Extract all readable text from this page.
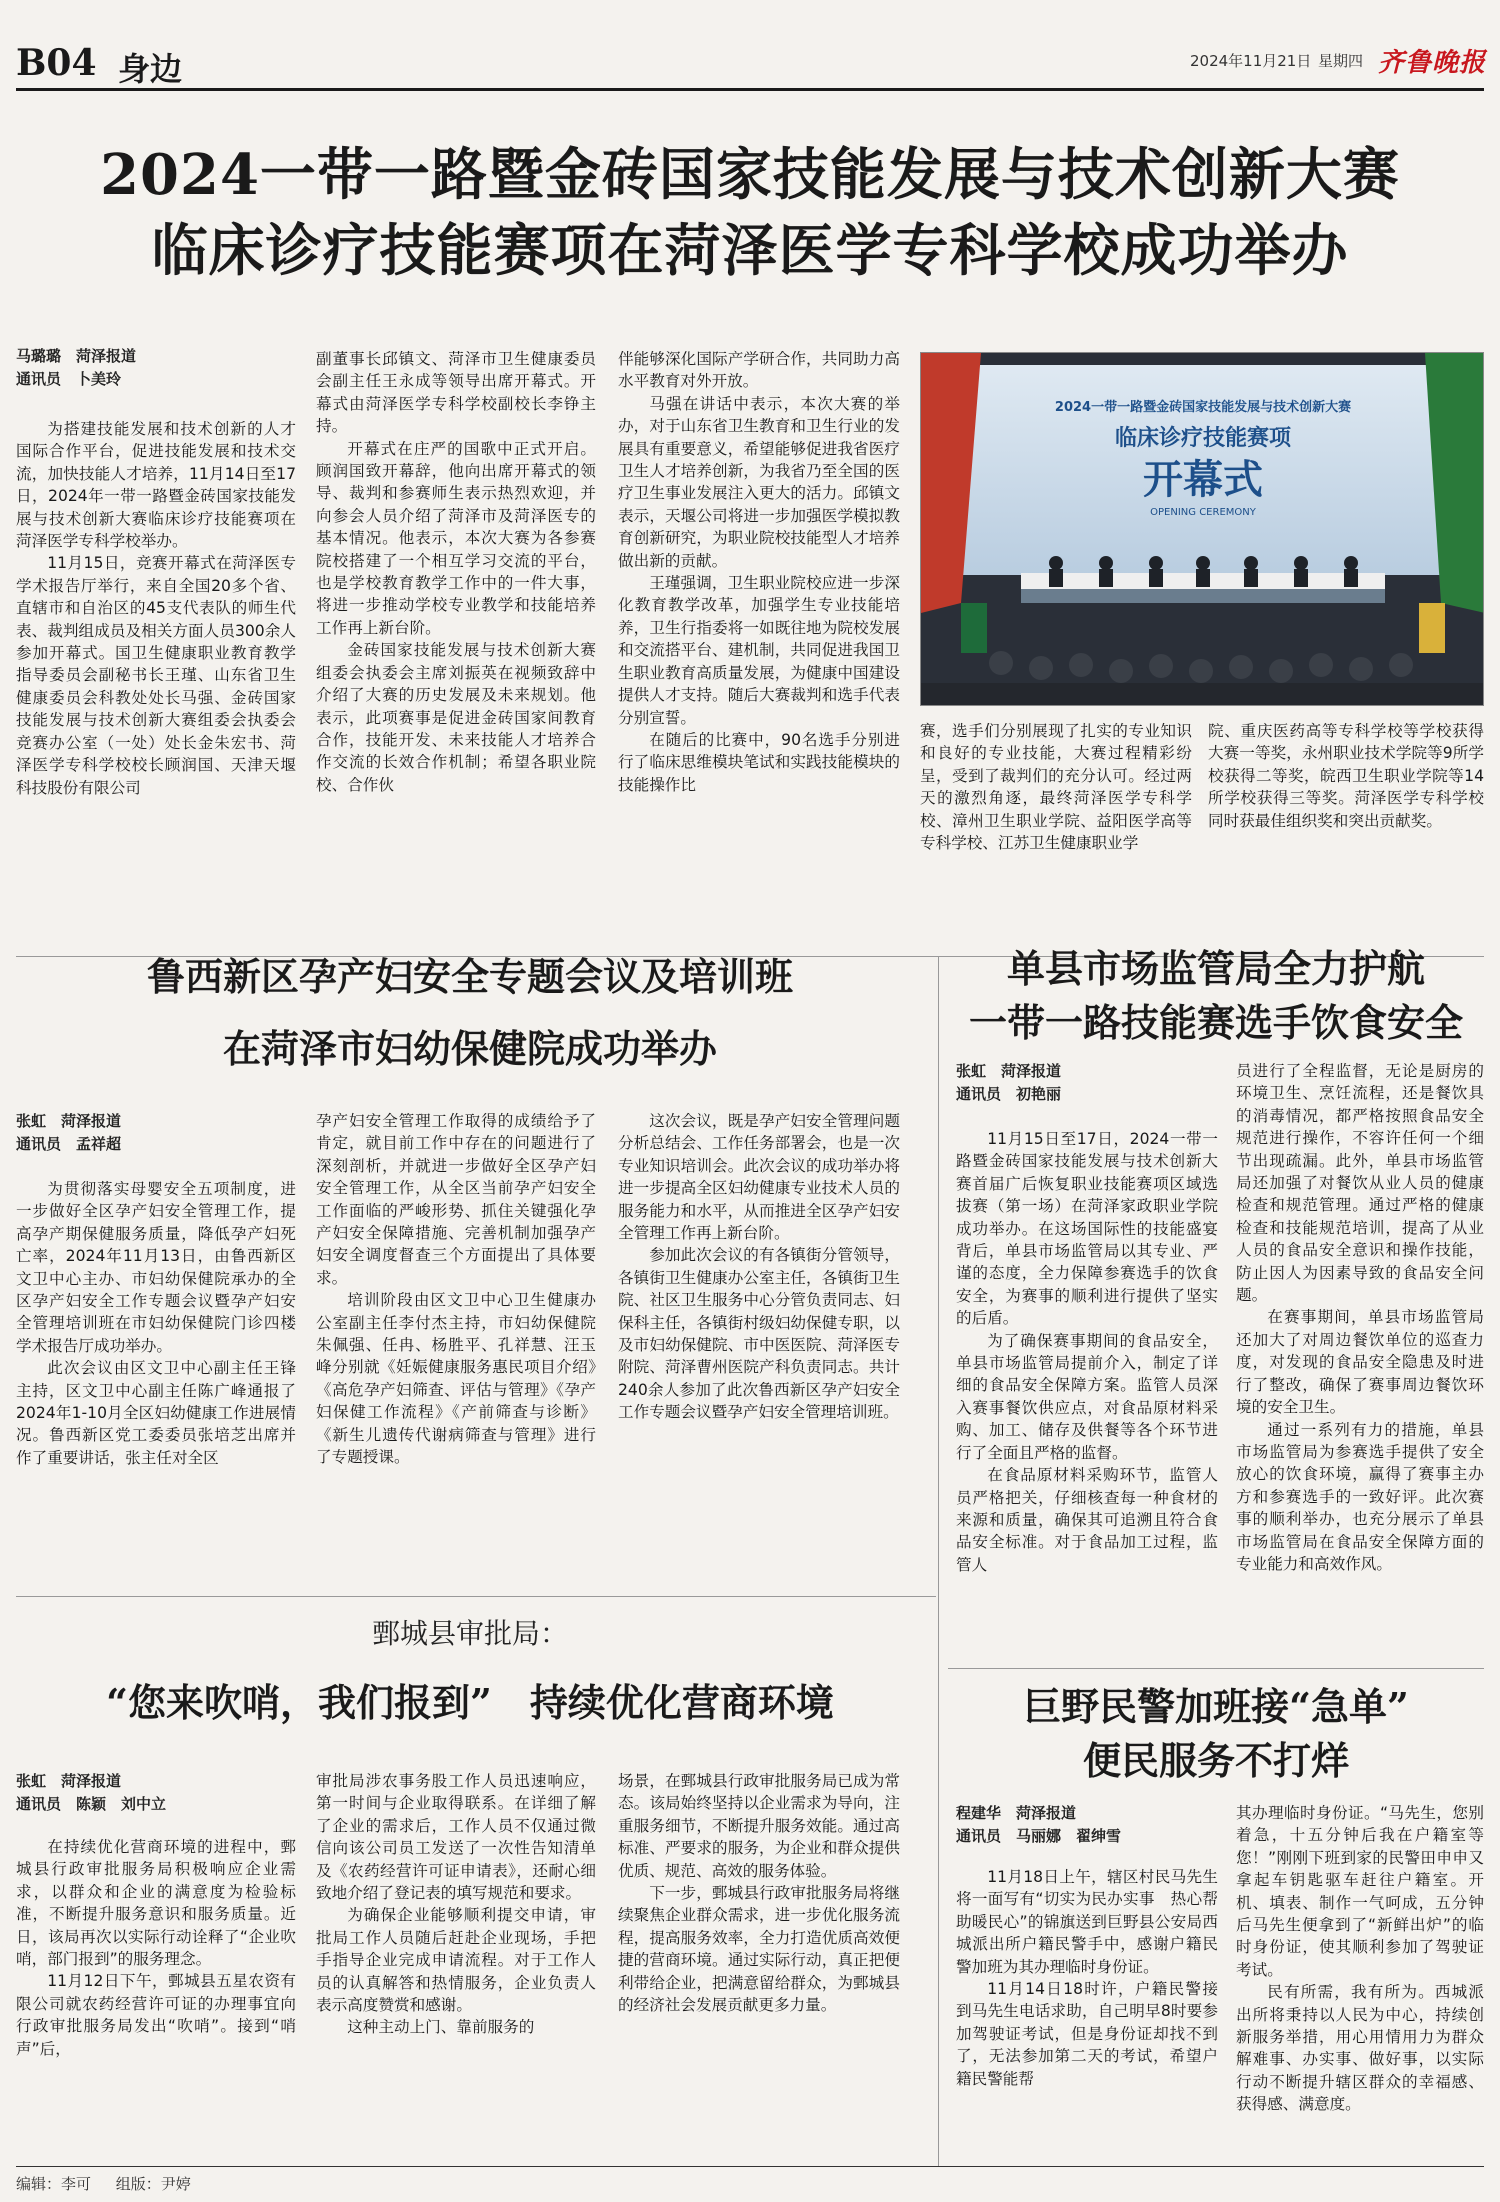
B04 身边	2024年11月21日 星期四 齐鲁晚报
2024一带一路暨金砖国家技能发展与技术创新大赛
临床诊疗技能赛项在菏泽医学专科学校成功举办
马璐璐　菏泽报道
通讯员　卜美玲

为搭建技能发展和技术创新的人才国际合作平台，促进技能发展和技术交流，加快技能人才培养，11月14日至17日，2024年一带一路暨金砖国家技能发展与技术创新大赛临床诊疗技能赛项在菏泽医学专科学校举办。

11月15日，竞赛开幕式在菏泽医专学术报告厅举行，来自全国20多个省、直辖市和自治区的45支代表队的师生代表、裁判组成员及相关方面人员300余人参加开幕式。国卫生健康职业教育教学指导委员会副秘书长王瑾、山东省卫生健康委员会科教处处长马强、金砖国家技能发展与技术创新大赛组委会执委会竞赛办公室（一处）处长金朱宏书、菏泽医学专科学校校长顾润国、天津天堰科技股份有限公司

副董事长邱镇文、菏泽市卫生健康委员会副主任王永成等领导出席开幕式。开幕式由菏泽医学专科学校副校长李铮主持。

开幕式在庄严的国歌中正式开启。顾润国致开幕辞，他向出席开幕式的领导、裁判和参赛师生表示热烈欢迎，并向参会人员介绍了菏泽市及菏泽医专的基本情况。他表示，本次大赛为各参赛院校搭建了一个相互学习交流的平台，也是学校教育教学工作中的一件大事，将进一步推动学校专业教学和技能培养工作再上新台阶。

金砖国家技能发展与技术创新大赛组委会执委会主席刘振英在视频致辞中介绍了大赛的历史发展及未来规划。他表示，此项赛事是促进金砖国家间教育合作，技能开发、未来技能人才培养合作交流的长效合作机制；希望各职业院校、合作伙

伴能够深化国际产学研合作，共同助力高水平教育对外开放。

马强在讲话中表示，本次大赛的举办，对于山东省卫生教育和卫生行业的发展具有重要意义，希望能够促进我省医疗卫生人才培养创新，为我省乃至全国的医疗卫生事业发展注入更大的活力。邱镇文表示，天堰公司将进一步加强医学模拟教育创新研究，为职业院校技能型人才培养做出新的贡献。

王瑾强调，卫生职业院校应进一步深化教育教学改革，加强学生专业技能培养，卫生行指委将一如既往地为院校发展和交流搭平台、建机制，共同促进我国卫生职业教育高质量发展，为健康中国建设提供人才支持。随后大赛裁判和选手代表分别宣誓。

在随后的比赛中，90名选手分别进行了临床思维模块笔试和实践技能模块的技能操作比

2024一带一路暨金砖国家技能发展与技术创新大赛
临床诊疗技能赛项
开幕式
OPENING CEREMONY

赛，选手们分别展现了扎实的专业知识和良好的专业技能，大赛过程精彩纷呈，受到了裁判们的充分认可。经过两天的激烈角逐，最终菏泽医学专科学校、漳州卫生职业学院、益阳医学高等专科学校、江苏卫生健康职业学

院、重庆医药高等专科学校等学校获得大赛一等奖，永州职业技术学院等9所学校获得二等奖，皖西卫生职业学院等14所学校获得三等奖。菏泽医学专科学校同时获最佳组织奖和突出贡献奖。

鲁西新区孕产妇安全专题会议及培训班
在菏泽市妇幼保健院成功举办
张虹　菏泽报道
通讯员　孟祥超

为贯彻落实母婴安全五项制度，进一步做好全区孕产妇安全管理工作，提高孕产期保健服务质量，降低孕产妇死亡率，2024年11月13日，由鲁西新区文卫中心主办、市妇幼保健院承办的全区孕产妇安全工作专题会议暨孕产妇安全管理培训班在市妇幼保健院门诊四楼学术报告厅成功举办。

此次会议由区文卫中心副主任王锋主持，区文卫中心副主任陈广峰通报了2024年1-10月全区妇幼健康工作进展情况。鲁西新区党工委委员张培芝出席并作了重要讲话，张主任对全区

孕产妇安全管理工作取得的成绩给予了肯定，就目前工作中存在的问题进行了深刻剖析，并就进一步做好全区孕产妇安全管理工作，从全区当前孕产妇安全工作面临的严峻形势、抓住关键强化孕产妇安全保障措施、完善机制加强孕产妇安全调度督查三个方面提出了具体要求。

培训阶段由区文卫中心卫生健康办公室副主任李付杰主持，市妇幼保健院朱佩强、任冉、杨胜平、孔祥慧、汪玉峰分别就《妊娠健康服务惠民项目介绍》《高危孕产妇筛查、评估与管理》《孕产妇保健工作流程》《产前筛查与诊断》《新生儿遗传代谢病筛查与管理》进行了专题授课。

这次会议，既是孕产妇安全管理问题分析总结会、工作任务部署会，也是一次专业知识培训会。此次会议的成功举办将进一步提高全区妇幼健康专业技术人员的服务能力和水平，从而推进全区孕产妇安全管理工作再上新台阶。

参加此次会议的有各镇街分管领导，各镇街卫生健康办公室主任，各镇街卫生院、社区卫生服务中心分管负责同志、妇保科主任，各镇街村级妇幼保健专职，以及市妇幼保健院、市中医医院、菏泽医专附院、菏泽曹州医院产科负责同志。共计240余人参加了此次鲁西新区孕产妇安全工作专题会议暨孕产妇安全管理培训班。

单县市场监管局全力护航
一带一路技能赛选手饮食安全
张虹　菏泽报道
通讯员　初艳丽

11月15日至17日，2024一带一路暨金砖国家技能发展与技术创新大赛首届广后恢复职业技能赛项区域选拔赛（第一场）在菏泽家政职业学院成功举办。在这场国际性的技能盛宴背后，单县市场监管局以其专业、严谨的态度，全力保障参赛选手的饮食安全，为赛事的顺利进行提供了坚实的后盾。

为了确保赛事期间的食品安全，单县市场监管局提前介入，制定了详细的食品安全保障方案。监管人员深入赛事餐饮供应点，对食品原材料采购、加工、储存及供餐等各个环节进行了全面且严格的监督。

在食品原材料采购环节，监管人员严格把关，仔细核查每一种食材的来源和质量，确保其可追溯且符合食品安全标准。对于食品加工过程，监管人

员进行了全程监督，无论是厨房的环境卫生、烹饪流程，还是餐饮具的消毒情况，都严格按照食品安全规范进行操作，不容许任何一个细节出现疏漏。此外，单县市场监管局还加强了对餐饮从业人员的健康检查和规范管理。通过严格的健康检查和技能规范培训，提高了从业人员的食品安全意识和操作技能，防止因人为因素导致的食品安全问题。

在赛事期间，单县市场监管局还加大了对周边餐饮单位的巡查力度，对发现的食品安全隐患及时进行了整改，确保了赛事周边餐饮环境的安全卫生。

通过一系列有力的措施，单县市场监管局为参赛选手提供了安全放心的饮食环境，赢得了赛事主办方和参赛选手的一致好评。此次赛事的顺利举办，也充分展示了单县市场监管局在食品安全保障方面的专业能力和高效作风。

鄄城县审批局：
“您来吹哨，我们报到”　持续优化营商环境
张虹　菏泽报道
通讯员　陈颖　刘中立

在持续优化营商环境的进程中，鄄城县行政审批服务局积极响应企业需求，以群众和企业的满意度为检验标准，不断提升服务意识和服务质量。近日，该局再次以实际行动诠释了“企业吹哨，部门报到”的服务理念。

11月12日下午，鄄城县五星农资有限公司就农药经营许可证的办理事宜向行政审批服务局发出“吹哨”。接到“哨声”后，

审批局涉农事务股工作人员迅速响应，第一时间与企业取得联系。在详细了解了企业的需求后，工作人员不仅通过微信向该公司员工发送了一次性告知清单及《农药经营许可证申请表》，还耐心细致地介绍了登记表的填写规范和要求。

为确保企业能够顺利提交申请，审批局工作人员随后赶赴企业现场，手把手指导企业完成申请流程。对于工作人员的认真解答和热情服务，企业负责人表示高度赞赏和感谢。

这种主动上门、靠前服务的

场景，在鄄城县行政审批服务局已成为常态。该局始终坚持以企业需求为导向，注重服务细节，不断提升服务效能。通过高标准、严要求的服务，为企业和群众提供优质、规范、高效的服务体验。

下一步，鄄城县行政审批服务局将继续聚焦企业群众需求，进一步优化服务流程，提高服务效率，全力打造优质高效便捷的营商环境。通过实际行动，真正把便利带给企业，把满意留给群众，为鄄城县的经济社会发展贡献更多力量。

巨野民警加班接“急单”
便民服务不打烊
程建华　菏泽报道
通讯员　马丽娜　翟绅雪

11月18日上午，辖区村民马先生将一面写有“切实为民办实事　热心帮助暖民心”的锦旗送到巨野县公安局西城派出所户籍民警手中，感谢户籍民警加班为其办理临时身份证。

11月14日18时许，户籍民警接到马先生电话求助，自己明早8时要参加驾驶证考试，但是身份证却找不到了，无法参加第二天的考试，希望户籍民警能帮

其办理临时身份证。“马先生，您别着急，十五分钟后我在户籍室等您！”刚刚下班到家的民警田申申又拿起车钥匙驱车赶往户籍室。开机、填表、制作一气呵成，五分钟后马先生便拿到了“新鲜出炉”的临时身份证，使其顺利参加了驾驶证考试。

民有所需，我有所为。西城派出所将秉持以人民为中心，持续创新服务举措，用心用情用力为群众解难事、办实事、做好事，以实际行动不断提升辖区群众的幸福感、获得感、满意度。

编辑：李可 组版：尹婷
